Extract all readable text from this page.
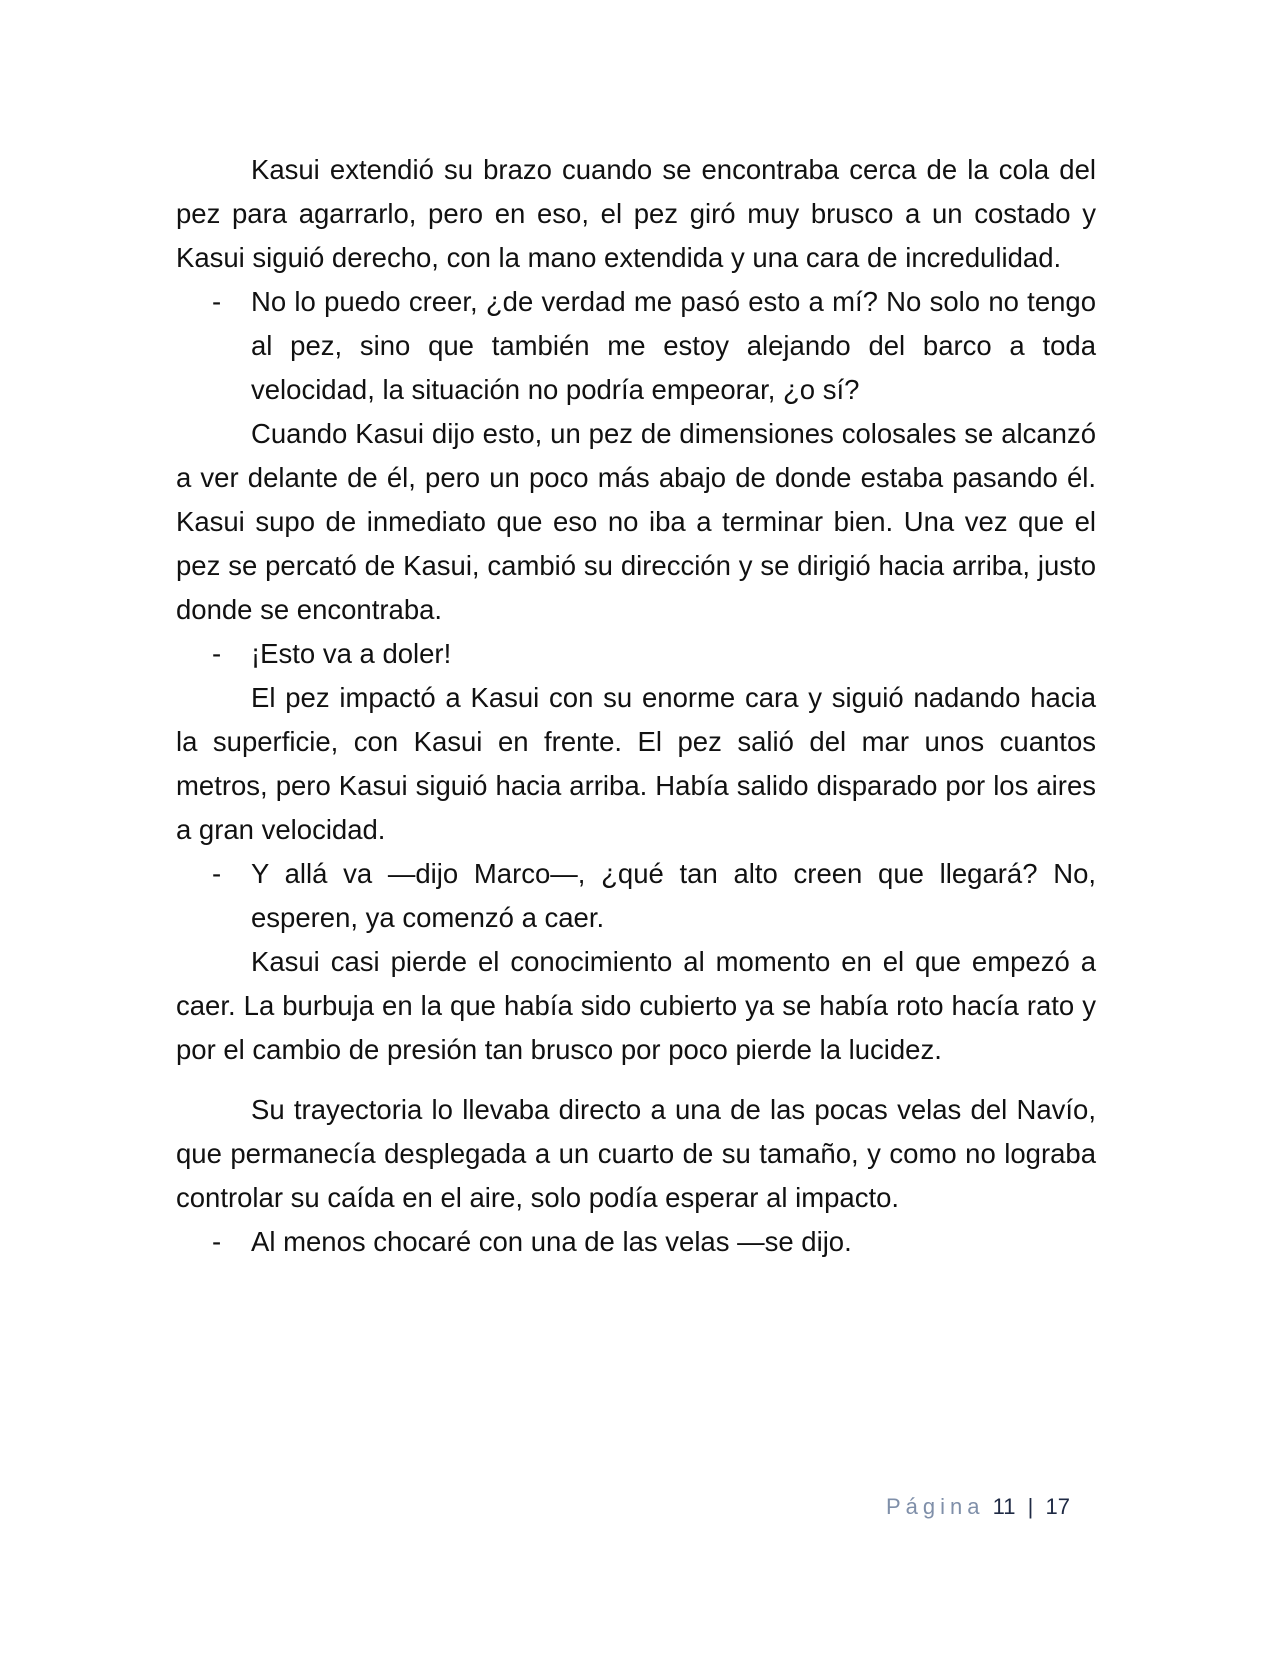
Kasui extendió su brazo cuando se encontraba cerca de la cola del pez para agarrarlo, pero en eso, el pez giró muy brusco a un costado y Kasui siguió derecho, con la mano extendida y una cara de incredulidad.

- No lo puedo creer, ¿de verdad me pasó esto a mí? No solo no tengo al pez, sino que también me estoy alejando del barco a toda velocidad, la situación no podría empeorar, ¿o sí?

Cuando Kasui dijo esto, un pez de dimensiones colosales se alcanzó a ver delante de él, pero un poco más abajo de donde estaba pasando él. Kasui supo de inmediato que eso no iba a terminar bien. Una vez que el pez se percató de Kasui, cambió su dirección y se dirigió hacia arriba, justo donde se encontraba.

- ¡Esto va a doler!

El pez impactó a Kasui con su enorme cara y siguió nadando hacia la superficie, con Kasui en frente. El pez salió del mar unos cuantos metros, pero Kasui siguió hacia arriba. Había salido disparado por los aires a gran velocidad.

- Y allá va —dijo Marco—, ¿qué tan alto creen que llegará? No, esperen, ya comenzó a caer.

Kasui casi pierde el conocimiento al momento en el que empezó a caer. La burbuja en la que había sido cubierto ya se había roto hacía rato y por el cambio de presión tan brusco por poco pierde la lucidez.

Su trayectoria lo llevaba directo a una de las pocas velas del Navío, que permanecía desplegada a un cuarto de su tamaño, y como no lograba controlar su caída en el aire, solo podía esperar al impacto.

- Al menos chocaré con una de las velas —se dijo.
Página 11 | 17
